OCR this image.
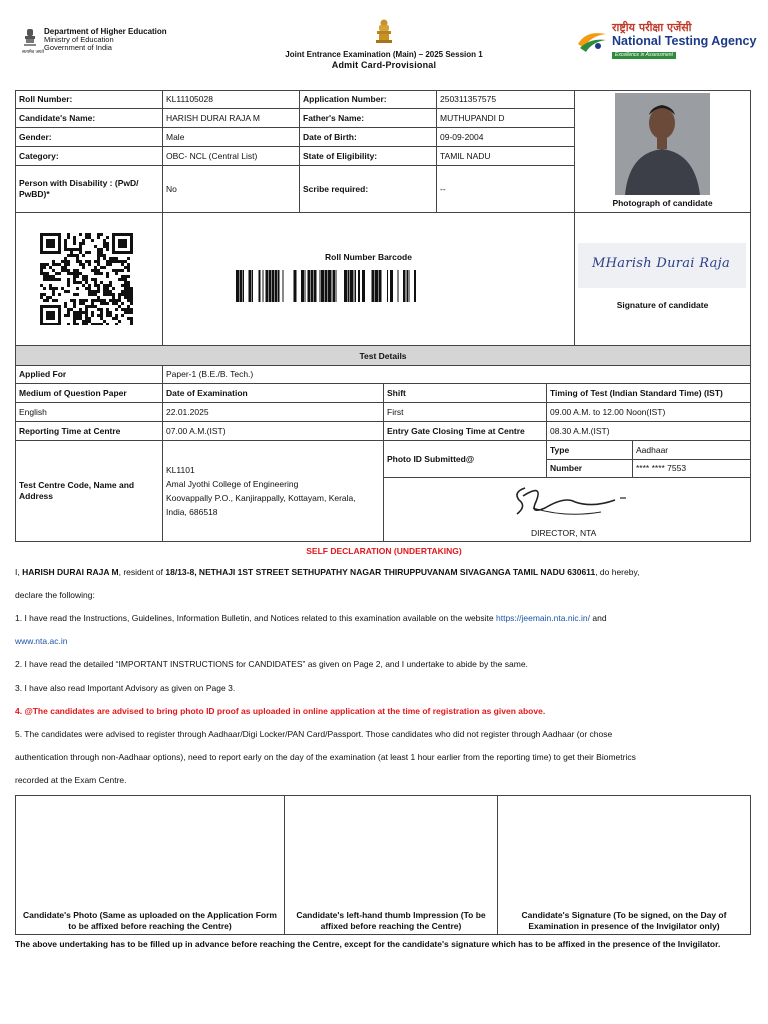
Department of Higher Education
Ministry of Education
Government of India
सत्यमेव जयते	Joint Entrance Examination (Main) – 2025 Session 1
Admit Card-Provisional
राष्ट्रीय परीक्षा एजेंसी
National Testing Agency
Excellence in Assessment
Roll Number:	KL11105028	Application Number:	250311357575
Candidate's Name:	HARISH DURAI RAJA M	Father's Name:	MUTHUPANDI D
Gender:	Male	Date of Birth:	09-09-2004
Category:	OBC- NCL (Central List)	State of Eligibility:	TAMIL NADU
Person with Disability : (PwD/ PwBD)*
No	Scribe required:	--
Photograph of candidate
Roll Number Barcode	MHarish Durai Raja
Signature of candidate
Test Details
Applied For	Paper-1 (B.E./B. Tech.)
Medium of Question Paper	Date of Examination	Shift	Timing of Test (Indian Standard Time) (IST)
English	22.01.2025	First	09.00 A.M. to 12.00 Noon(IST)
Reporting Time at Centre	07.00 A.M.(IST)	Entry Gate Closing Time at Centre	08.30 A.M.(IST)
Test Centre Code, Name and Address
KL1101
Amal Jyothi College of Engineering
Koovappally P.O., Kanjirappally, Kottayam, Kerala,
India, 686518
Photo ID Submitted@
Type	Aadhaar
Number	**** **** 7553
DIRECTOR, NTA
SELF DECLARATION (UNDERTAKING)
I, HARISH DURAI RAJA M, resident of 18/13-8, NETHAJI 1ST STREET SETHUPATHY NAGAR THIRUPPUVANAM SIVAGANGA TAMIL NADU 630611, do hereby,
declare the following:
1. I have read the Instructions, Guidelines, Information Bulletin, and Notices related to this examination available on the website https://jeemain.nta.nic.in/ and
www.nta.ac.in
2. I have read the detailed “IMPORTANT INSTRUCTIONS for CANDIDATES” as given on Page 2, and I undertake to abide by the same.
3. I have also read Important Advisory as given on Page 3.
4. @The candidates are advised to bring photo ID proof as uploaded in online application at the time of registration as given above.
5. The candidates were advised to register through Aadhaar/Digi Locker/PAN Card/Passport. Those candidates who did not register through Aadhaar (or chose
authentication through non-Aadhaar options), need to report early on the day of the examination (at least 1 hour earlier from the reporting time) to get their Biometrics
recorded at the Exam Centre.
Candidate's Photo (Same as uploaded on the Application Form to be affixed before reaching the Centre)
Candidate's left-hand thumb Impression (To be affixed before reaching the Centre)
Candidate's Signature (To be signed, on the Day of Examination in presence of the Invigilator only)
The above undertaking has to be filled up in advance before reaching the Centre, except for the candidate's signature which has to be affixed in the presence of the Invigilator.
